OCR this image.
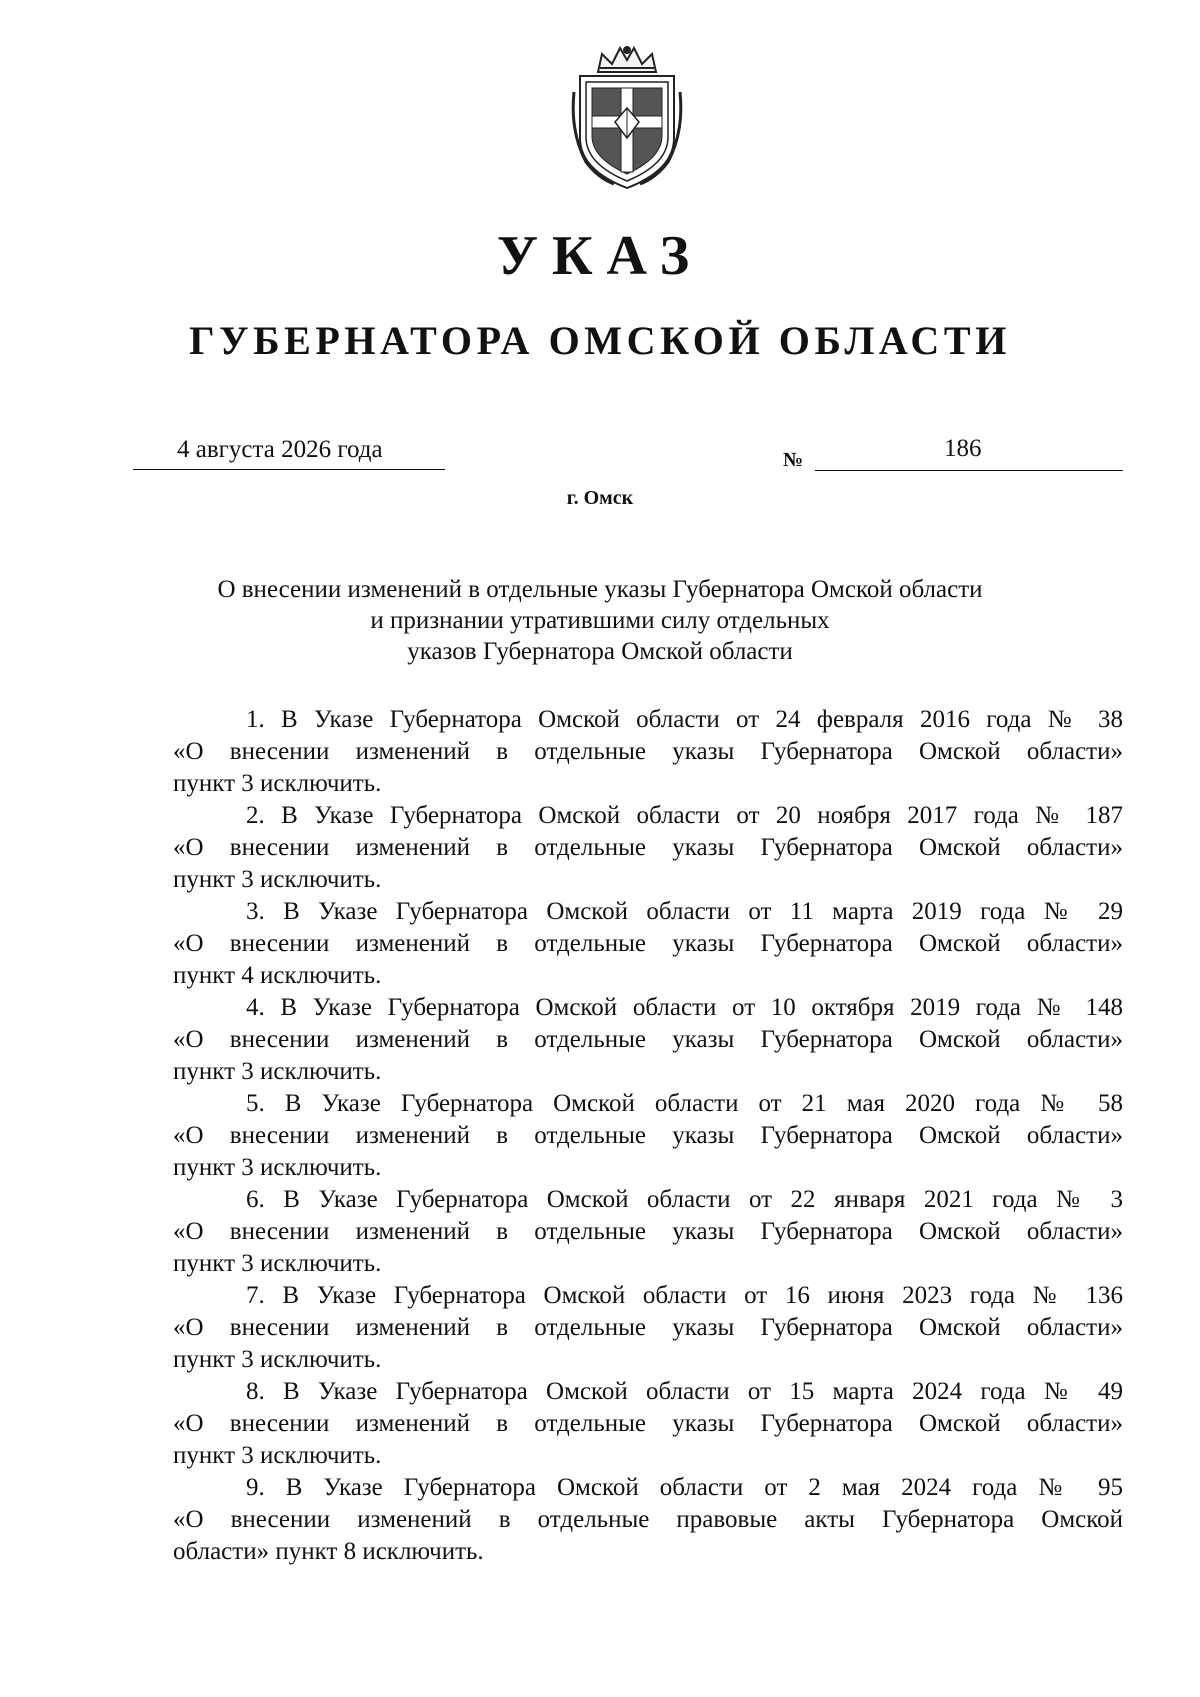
УКАЗ
ГУБЕРНАТОРА ОМСКОЙ ОБЛАСТИ
4 августа 2026 года	№	186
г. Омск
О внесении изменений в отдельные указы Губернатора Омской области
и признании утратившими силу отдельных
указов Губернатора Омской области
1. В Указе Губернатора Омской области от 24 февраля 2016 года № 38
«О внесении изменений в отдельные указы Губернатора Омской области»
пункт 3 исключить.
2. В Указе Губернатора Омской области от 20 ноября 2017 года № 187
«О внесении изменений в отдельные указы Губернатора Омской области»
пункт 3 исключить.
3. В Указе Губернатора Омской области от 11 марта 2019 года № 29
«О внесении изменений в отдельные указы Губернатора Омской области»
пункт 4 исключить.
4. В Указе Губернатора Омской области от 10 октября 2019 года № 148
«О внесении изменений в отдельные указы Губернатора Омской области»
пункт 3 исключить.
5. В Указе Губернатора Омской области от 21 мая 2020 года № 58
«О внесении изменений в отдельные указы Губернатора Омской области»
пункт 3 исключить.
6. В Указе Губернатора Омской области от 22 января 2021 года № 3
«О внесении изменений в отдельные указы Губернатора Омской области»
пункт 3 исключить.
7. В Указе Губернатора Омской области от 16 июня 2023 года № 136
«О внесении изменений в отдельные указы Губернатора Омской области»
пункт 3 исключить.
8. В Указе Губернатора Омской области от 15 марта 2024 года № 49
«О внесении изменений в отдельные указы Губернатора Омской области»
пункт 3 исключить.
9. В Указе Губернатора Омской области от 2 мая 2024 года № 95
«О внесении изменений в отдельные правовые акты Губернатора Омской
области» пункт 8 исключить.
